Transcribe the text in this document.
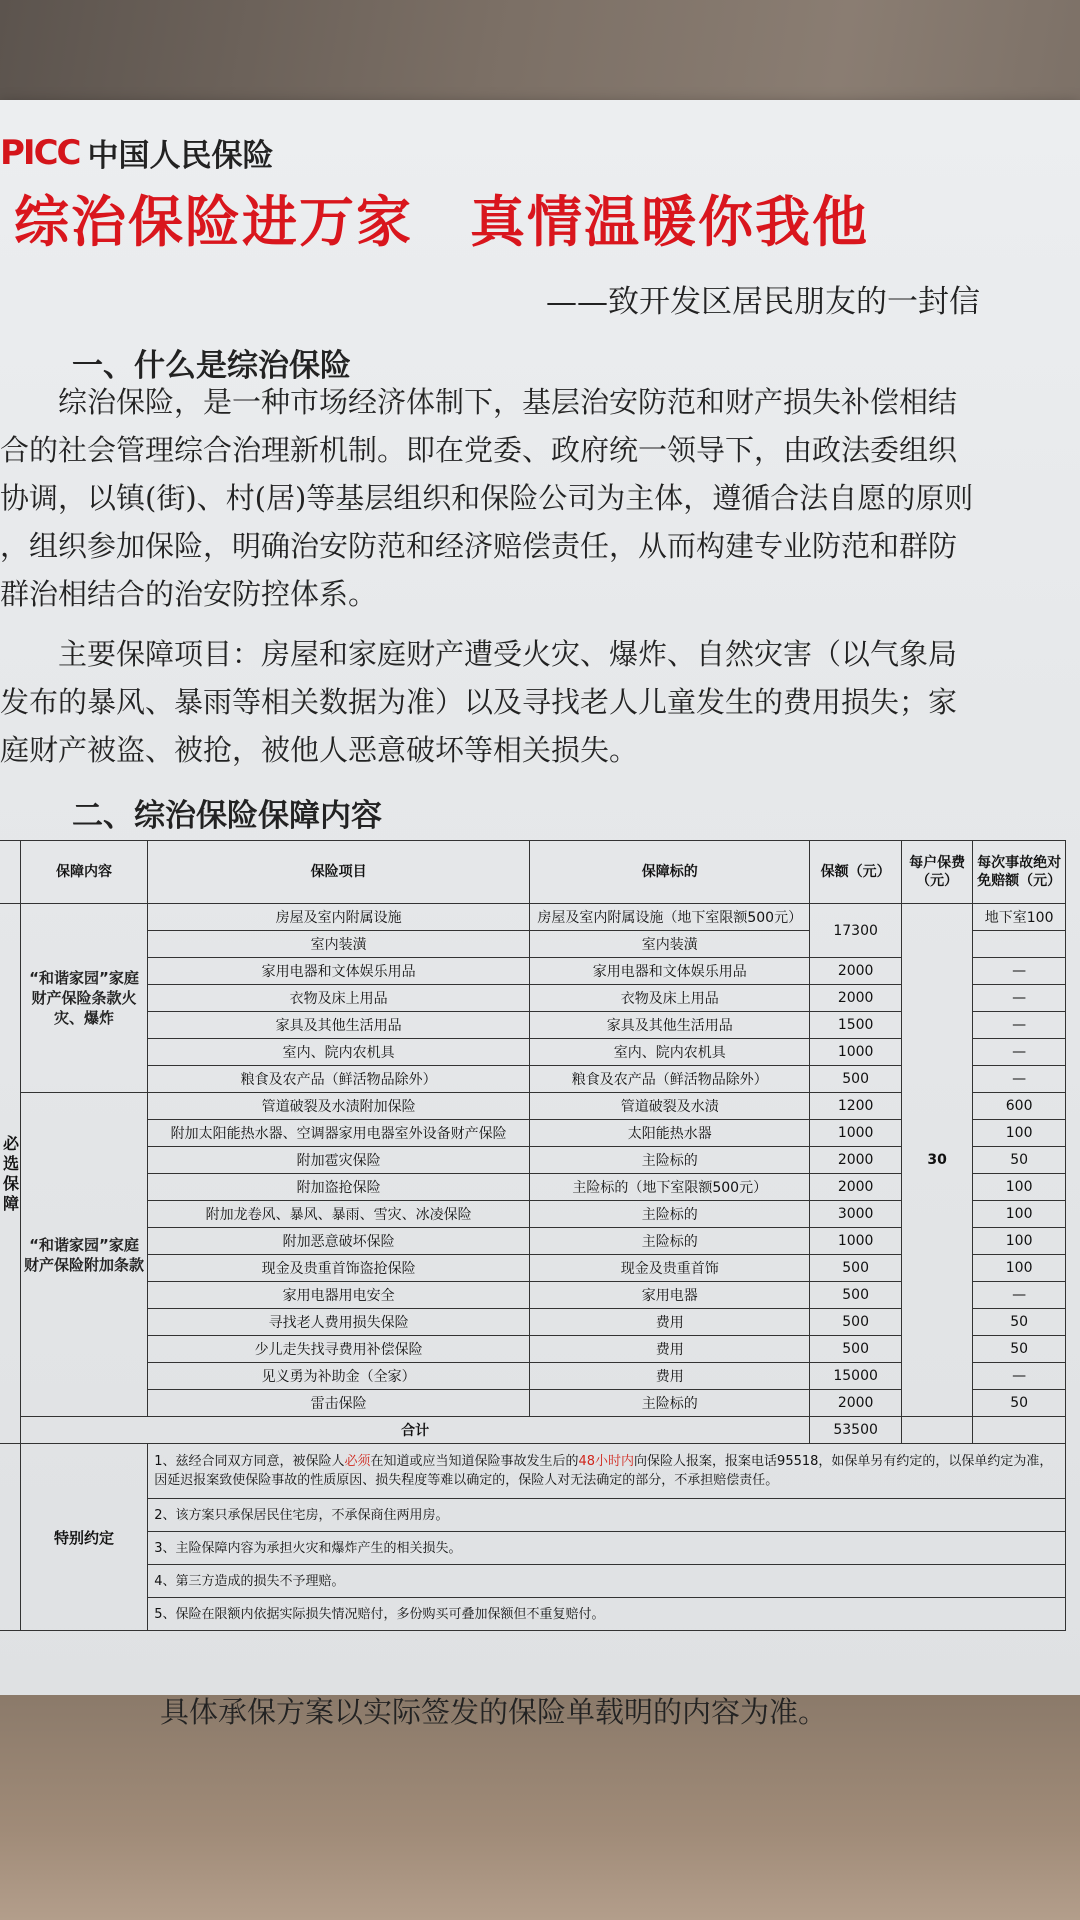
PICC 中国人民保险
综治保险进万家　真情温暖你我他
——致开发区居民朋友的一封信
一、什么是综治保险
　　综治保险，是一种市场经济体制下，基层治安防范和财产损失补偿相结
合的社会管理综合治理新机制。即在党委、政府统一领导下，由政法委组织
协调，以镇(街)、村(居)等基层组织和保险公司为主体，遵循合法自愿的原则
，组织参加保险，明确治安防范和经济赔偿责任，从而构建专业防范和群防
群治相结合的治安防控体系。
　　主要保障项目：房屋和家庭财产遭受火灾、爆炸、自然灾害（以气象局
发布的暴风、暴雨等相关数据为准）以及寻找老人儿童发生的费用损失；家
庭财产被盗、被抢，被他人恶意破坏等相关损失。
二、综治保险保障内容
	保障内容	保险项目	保障标的	保额（元）	每户保费（元）	每次事故绝对免赔额（元）
必选保障	“和谐家园”家庭财产保险条款火灾、爆炸	房屋及室内附属设施	房屋及室内附属设施（地下室限额500元）	17300	30	地下室100
		室内装潢	室内装潢			
		家用电器和文体娱乐用品	家用电器和文体娱乐用品	2000		—
		衣物及床上用品	衣物及床上用品	2000		—
		家具及其他生活用品	家具及其他生活用品	1500		—
		室内、院内农机具	室内、院内农机具	1000		—
		粮食及农产品（鲜活物品除外）	粮食及农产品（鲜活物品除外）	500		—
	“和谐家园”家庭财产保险附加条款	管道破裂及水渍附加保险	管道破裂及水渍	1200		600
		附加太阳能热水器、空调器家用电器室外设备财产保险	太阳能热水器	1000		100
		附加雹灾保险	主险标的	2000		50
		附加盗抢保险	主险标的（地下室限额500元）	2000		100
		附加龙卷风、暴风、暴雨、雪灾、冰凌保险	主险标的	3000		100
		附加恶意破坏保险	主险标的	1000		100
		现金及贵重首饰盗抢保险	现金及贵重首饰	500		100
		家用电器用电安全	家用电器	500		—
		寻找老人费用损失保险	费用	500		50
		少儿走失找寻费用补偿保险	费用	500		50
		见义勇为补助金（全家）	费用	15000		—
		雷击保险	主险标的	2000		50
	合计			53500		
	特别约定	1、兹经合同双方同意，被保险人必须在知道或应当知道保险事故发生后的48小时内向保险人报案，报案电话95518，如保单另有约定的，以保单约定为准，因延迟报案致使保险事故的性质原因、损失程度等难以确定的，保险人对无法确定的部分，不承担赔偿责任。				
		2、该方案只承保居民住宅房，不承保商住两用房。				
		3、主险保障内容为承担火灾和爆炸产生的相关损失。				
		4、第三方造成的损失不予理赔。				
		5、保险在限额内依据实际损失情况赔付，多份购买可叠加保额但不重复赔付。				
具体承保方案以实际签发的保险单载明的内容为准。
